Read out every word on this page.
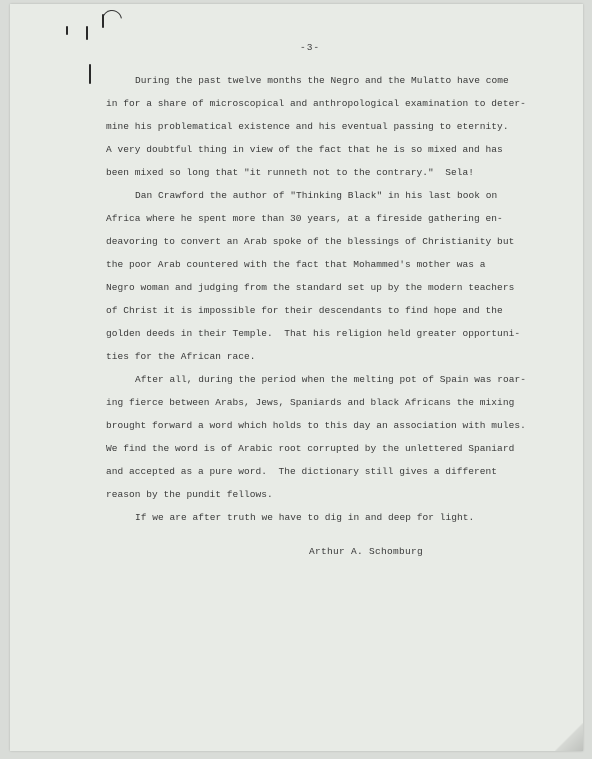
-3-
During the past twelve months the Negro and the Mulatto have come
in for a share of microscopical and anthropological examination to deter-
mine his problematical existence and his eventual passing to eternity.
A very doubtful thing in view of the fact that he is so mixed and has
been mixed so long that "it runneth not to the contrary."  Sela!
Dan Crawford the author of "Thinking Black" in his last book on
Africa where he spent more than 30 years, at a fireside gathering en-
deavoring to convert an Arab spoke of the blessings of Christianity but
the poor Arab countered with the fact that Mohammed's mother was a
Negro woman and judging from the standard set up by the modern teachers
of Christ it is impossible for their descendants to find hope and the
golden deeds in their Temple.  That his religion held greater opportuni-
ties for the African race.
After all, during the period when the melting pot of Spain was roar-
ing fierce between Arabs, Jews, Spaniards and black Africans the mixing
brought forward a word which holds to this day an association with mules.
We find the word is of Arabic root corrupted by the unlettered Spaniard
and accepted as a pure word.  The dictionary still gives a different
reason by the pundit fellows.
If we are after truth we have to dig in and deep for light.
Arthur A. Schomburg
